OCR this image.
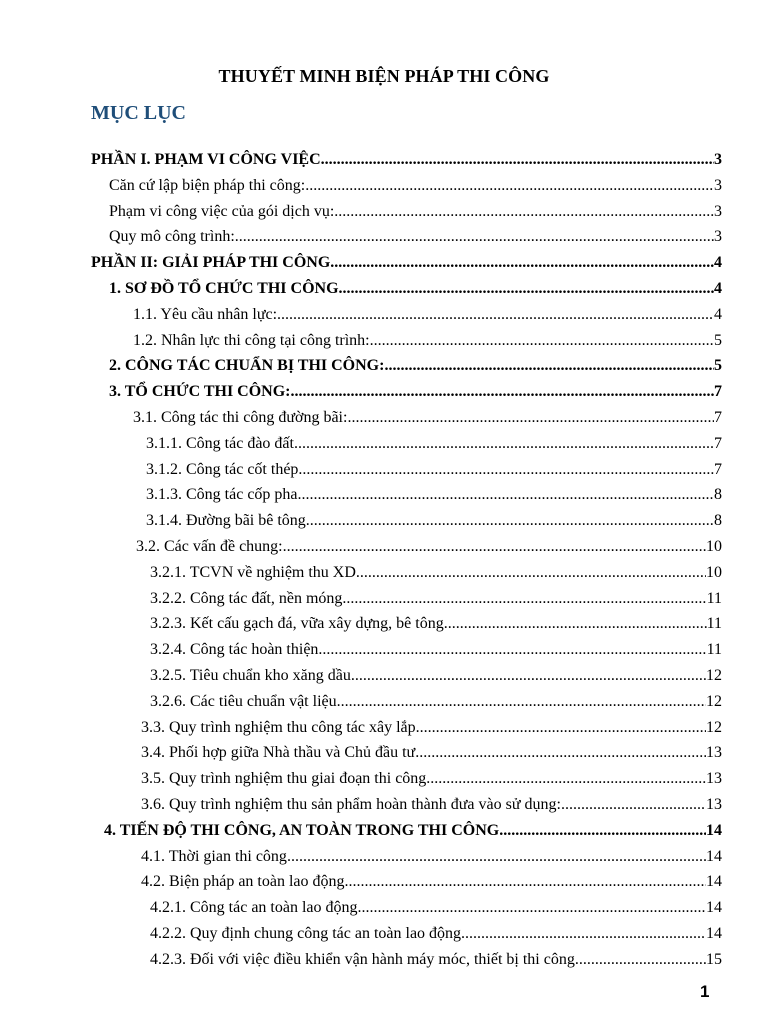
THUYẾT MINH BIỆN PHÁP THI CÔNG
MỤC LỤC
PHẦN I. PHẠM VI CÔNG VIỆC .....	3
Căn cứ lập biện pháp thi công: .....	3
Phạm vi công việc của gói dịch vụ: .....	3
Quy mô công trình: .....	3
PHẦN II: GIẢI PHÁP THI CÔNG .....	4
1. SƠ ĐỒ TỔ CHỨC THI CÔNG .....	4
1.1. Yêu cầu nhân lực: .....	4
1.2. Nhân lực thi công tại công trình: .....	5
2. CÔNG TÁC CHUẨN BỊ THI CÔNG: .....	5
3. TỔ CHỨC THI CÔNG: .....	7
3.1. Công tác thi công đường bãi: .....	7
3.1.1. Công tác đào đất .....	7
3.1.2. Công tác cốt thép .....	7
3.1.3. Công tác cốp pha .....	8
3.1.4. Đường bãi bê tông .....	8
3.2. Các vấn đề chung: .....	10
3.2.1. TCVN về nghiệm thu XD .....	10
3.2.2. Công tác đất, nền móng .....	11
3.2.3. Kết cấu gạch đá, vữa xây dựng, bê tông .....	11
3.2.4. Công tác hoàn thiện .....	11
3.2.5. Tiêu chuẩn kho xăng dầu .....	12
3.2.6. Các tiêu chuẩn vật liệu .....	12
3.3. Quy trình nghiệm thu công tác xây lắp .....	12
3.4. Phối hợp giữa Nhà thầu và Chủ đầu tư .....	13
3.5. Quy trình nghiệm thu giai đoạn thi công .....	13
3.6. Quy trình nghiệm thu sản phẩm hoàn thành đưa vào sử dụng: .....	13
4. TIẾN ĐỘ THI CÔNG, AN TOÀN TRONG THI CÔNG .....	14
4.1. Thời gian thi công .....	14
4.2. Biện pháp an toàn lao động .....	14
4.2.1. Công tác an toàn lao động .....	14
4.2.2. Quy định chung công tác an toàn lao động .....	14
4.2.3. Đối với việc điều khiển vận hành máy móc, thiết bị thi công .....	15
1
